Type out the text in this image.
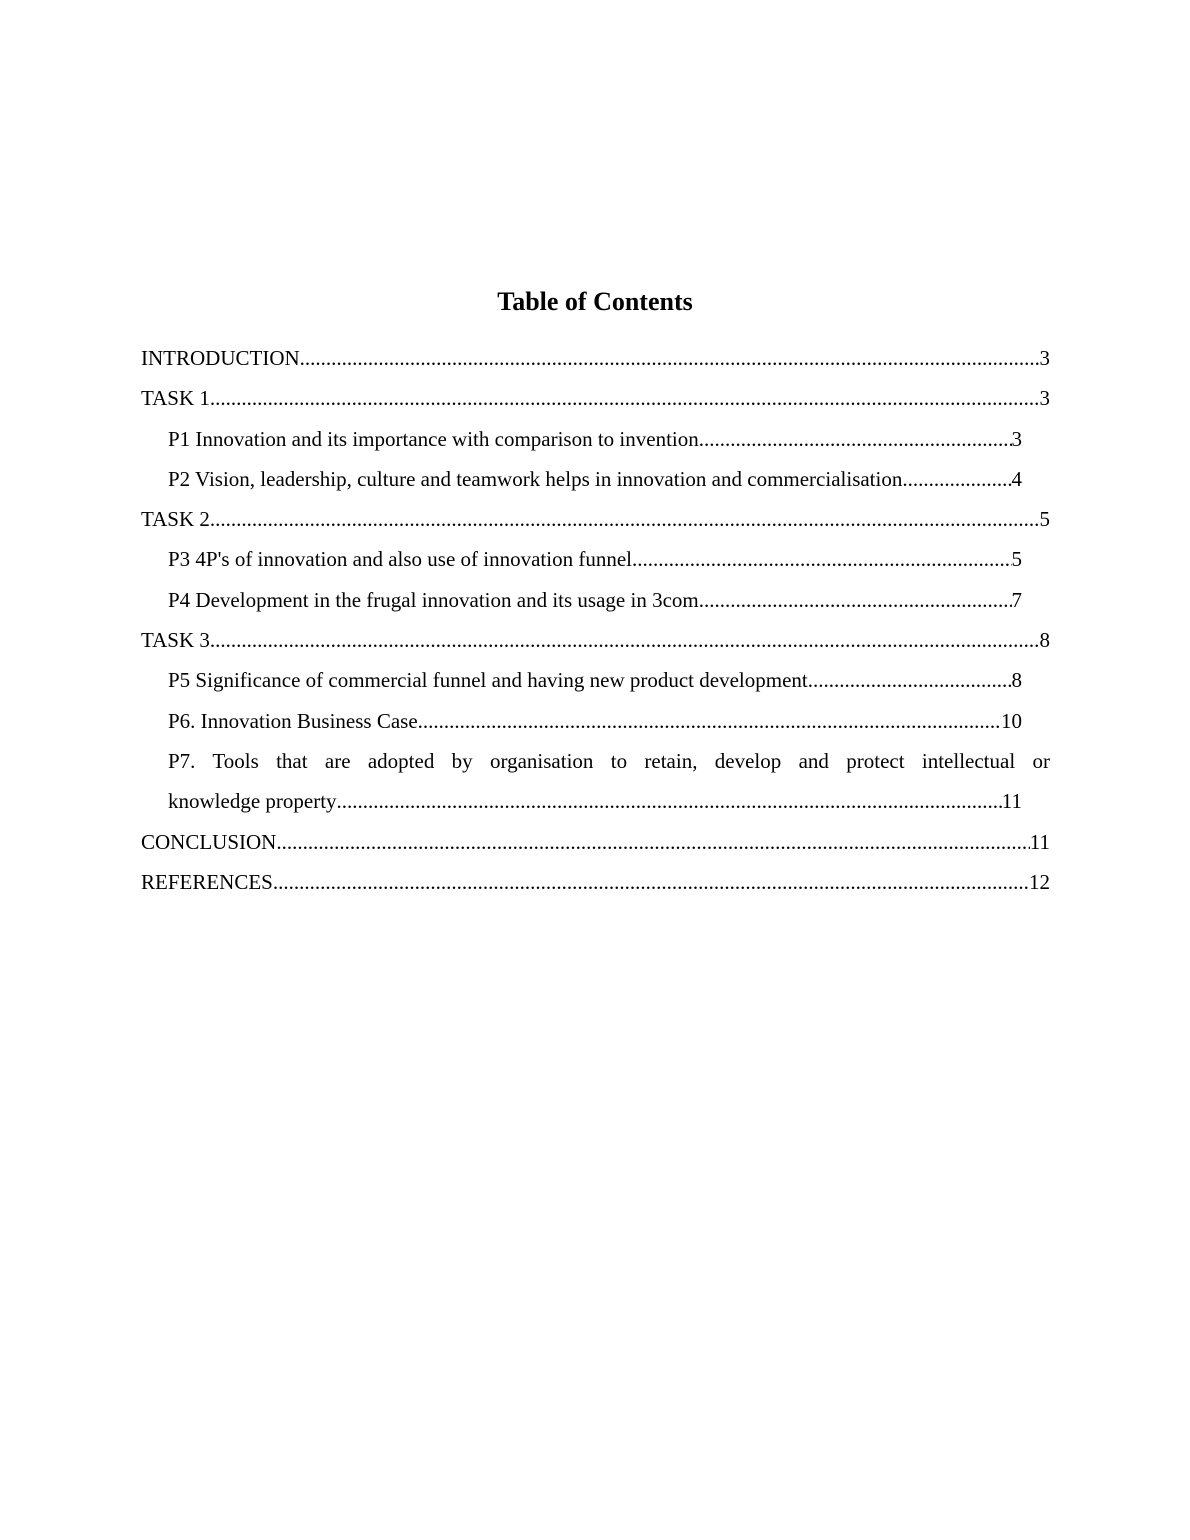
Table of Contents
INTRODUCTION .....	3
TASK 1 .....	3
P1 Innovation and its importance with comparison to invention .....	3
P2 Vision, leadership, culture and teamwork helps in innovation and commercialisation. .....	4
TASK 2 .....	5
P3 4P's of innovation and also use of innovation funnel .....	5
P4 Development in the frugal innovation and its usage in 3com .....	7
TASK 3 .....	8
P5 Significance of commercial funnel and having new product development .....	8
P6. Innovation Business Case .....	10
P7. Tools that are adopted by organisation to retain, develop and protect intellectual or
knowledge property .....	11
CONCLUSION .....	11
REFERENCES .....	12
